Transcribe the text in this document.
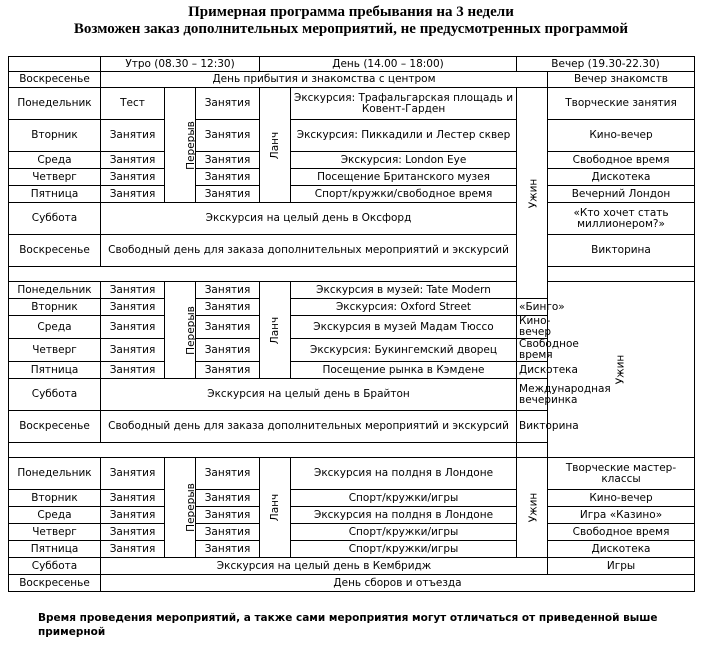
Примерная программа пребывания на 3 недели
Возможен заказ дополнительных мероприятий, не предусмотренных программой
	Утро (08.30 – 12:30)			День (14.00 – 18:00)		Вечер (19.30-22.30)		
Воскресенье	День прибытия и знакомства с центром						Вечер знакомств	
Понедельник	Тест	Перерыв	Занятия	Ланч	Экскурсия: Трафальгарская площадь и Ковент-Гарден	Ужин	Творческие занятия	
Вторник	Занятия		Занятия		Экскурсия: Пиккадили и Лестер сквер		Кино-вечер	
Среда	Занятия		Занятия		Экскурсия: London Eye		Свободное время	
Четверг	Занятия		Занятия		Посещение Британского музея		Дискотека	
Пятница	Занятия		Занятия		Спорт/кружки/свободное время		Вечерний Лондон	
Суббота	Экскурсия на целый день в Оксфорд						«Кто хочет стать миллионером?»	
Воскресенье	Свободный день для заказа дополнительных мероприятий и экскурсий						Викторина	

Понедельник	Занятия	Перерыв	Занятия	Ланч	Экскурсия в музей: Tate Modern		Ужин	
Вторник	Занятия		Занятия		Экскурсия: Oxford Street	«Бинго»		
Среда	Занятия		Занятия		Экскурсия в музей Мадам Тюссо	Кино-вечер		
Четверг	Занятия		Занятия		Экскурсия: Букингемский дворец	Свободное время		
Пятница	Занятия		Занятия		Посещение рынка в Кэмдене	Дискотека		
Суббота	Экскурсия на целый день в Брайтон					Международная вечеринка		
Воскресенье	Свободный день для заказа дополнительных мероприятий и экскурсий					Викторина		

Понедельник	Занятия	Перерыв	Занятия	Ланч	Экскурсия на полдня в Лондоне	Ужин	Творческие мастер-классы	
Вторник	Занятия		Занятия		Спорт/кружки/игры		Кино-вечер	
Среда	Занятия		Занятия		Экскурсия на полдня в Лондоне		Игра «Казино»	
Четверг	Занятия		Занятия		Спорт/кружки/игры		Свободное время	
Пятница	Занятия		Занятия		Спорт/кружки/игры		Дискотека	
Суббота	Экскурсия на целый день в Кембридж						Игры	
Воскресенье	День сборов и отъезда							
Время проведения мероприятий, а также сами мероприятия могут отличаться от приведенной выше примерной
